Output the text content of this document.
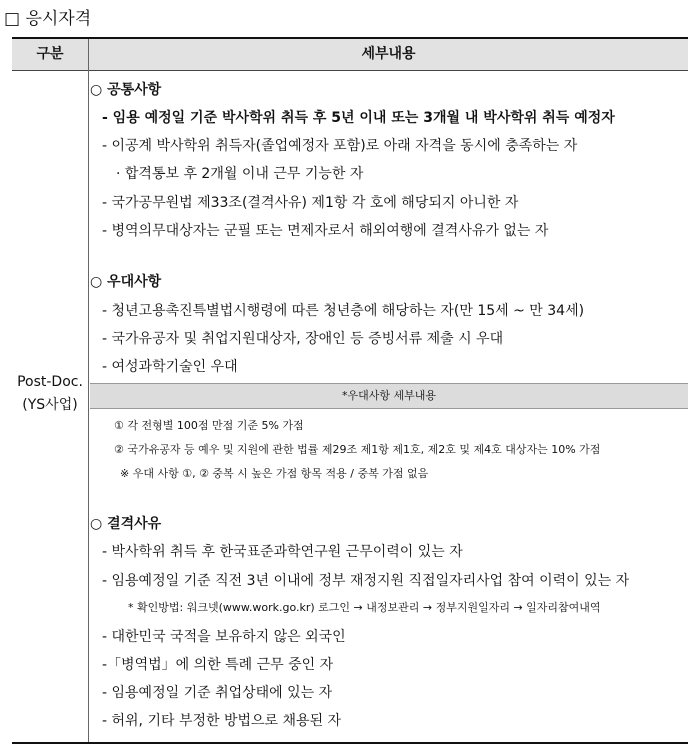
□ 응시자격
구분	세부내용
Post-Doc.
(YS사업)
○ 공통사항
- 임용 예정일 기준 박사학위 취득 후 5년 이내 또는 3개월 내 박사학위 취득 예정자
- 이공계 박사학위 취득자(졸업예정자 포함)로 아래 자격을 동시에 충족하는 자
· 합격통보 후 2개월 이내 근무 기능한 자
- 국가공무원법 제33조(결격사유) 제1항 각 호에 해당되지 아니한 자
- 병역의무대상자는 군필 또는 면제자로서 해외여행에 결격사유가 없는 자
○ 우대사항
- 청년고용촉진특별법시행령에 따른 청년층에 해당하는 자(만 15세 ~ 만 34세)
- 국가유공자 및 취업지원대상자, 장애인 등 증빙서류 제출 시 우대
- 여성과학기술인 우대
*우대사항 세부내용
① 각 전형별 100점 만점 기준 5% 가점
② 국가유공자 등 예우 및 지원에 관한 법률 제29조 제1항 제1호, 제2호 및 제4호 대상자는 10% 가점
※ 우대 사항 ①, ② 중복 시 높은 가점 항목 적용 / 중복 가점 없음
○ 결격사유
- 박사학위 취득 후 한국표준과학연구원 근무이력이 있는 자
- 임용예정일 기준 직전 3년 이내에 정부 재정지원 직접일자리사업 참여 이력이 있는 자
* 확인방법: 워크넷(www.work.go.kr) 로그인 → 내정보관리 → 정부지원일자리 → 일자리참여내역
- 대한민국 국적을 보유하지 않은 외국인
-「병역법」에 의한 특례 근무 중인 자
- 임용예정일 기준 취업상태에 있는 자
- 허위, 기타 부정한 방법으로 채용된 자
